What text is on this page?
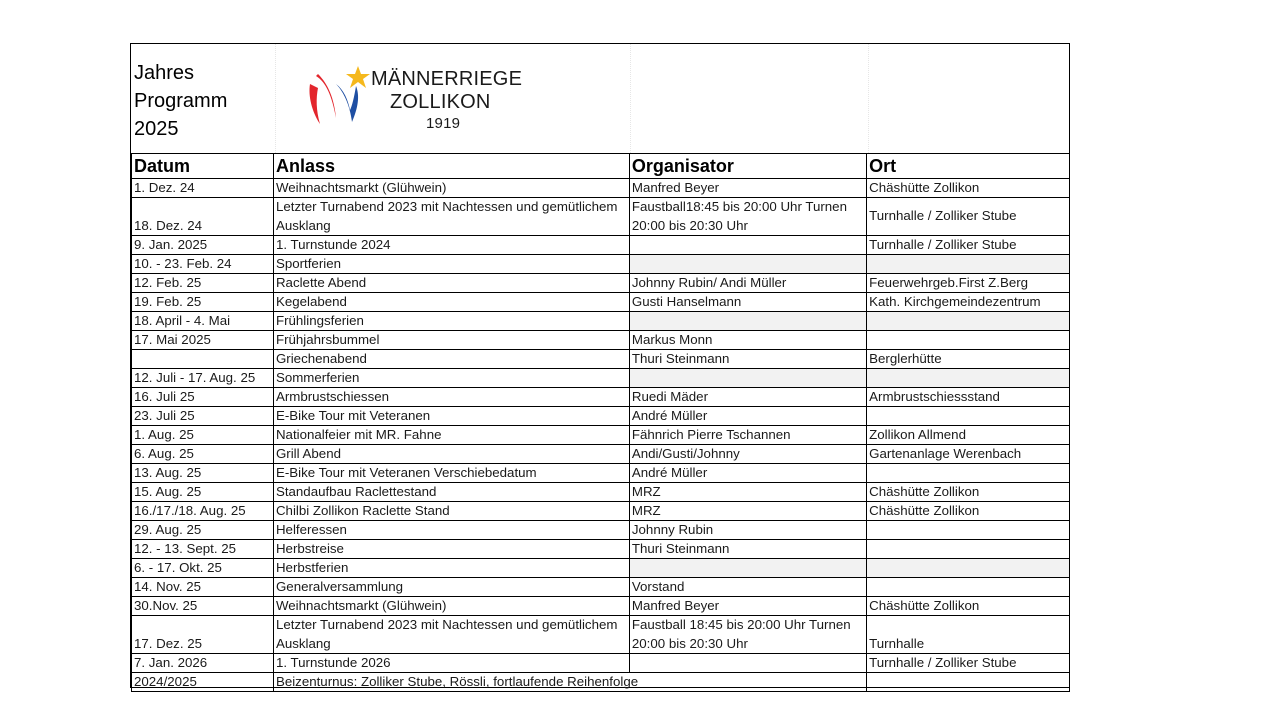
Jahres
Programm
2025
MÄNNERRIEGE
ZOLLIKON
1919
Datum	Anlass	Organisator	Ort
1. Dez. 24	Weihnachtsmarkt (Glühwein)	Manfred Beyer	Chäshütte Zollikon
18. Dez. 24	Letzter Turnabend 2023 mit Nachtessen und gemütlichem Ausklang	Faustball18:45 bis 20:00 Uhr Turnen 20:00 bis 20:30 Uhr	Turnhalle / Zolliker Stube
9. Jan. 2025	1. Turnstunde 2024		Turnhalle / Zolliker Stube
10. - 23. Feb. 24	Sportferien		
12. Feb. 25	Raclette Abend	Johnny Rubin/ Andi Müller	Feuerwehrgeb.First Z.Berg
19. Feb. 25	Kegelabend	Gusti Hanselmann	Kath. Kirchgemeindezentrum
18. April - 4. Mai	Frühlingsferien		
17. Mai 2025	Frühjahrsbummel	Markus Monn	
	Griechenabend	Thuri Steinmann	Berglerhütte
12. Juli - 17. Aug. 25	Sommerferien		
16. Juli 25	Armbrustschiessen	Ruedi Mäder	Armbrustschiessstand
23. Juli 25	E-Bike Tour mit Veteranen	André Müller	
1. Aug. 25	Nationalfeier mit MR. Fahne	Fähnrich Pierre Tschannen	Zollikon Allmend
6. Aug. 25	Grill Abend	Andi/Gusti/Johnny	Gartenanlage Werenbach
13. Aug. 25	E-Bike Tour mit Veteranen Verschiebedatum	André Müller	
15. Aug. 25	Standaufbau Raclettestand	MRZ	Chäshütte Zollikon
16./17./18. Aug. 25	Chilbi Zollikon Raclette Stand	MRZ	Chäshütte Zollikon
29. Aug. 25	Helferessen	Johnny Rubin	
12. - 13. Sept. 25	Herbstreise	Thuri Steinmann	
6. - 17. Okt. 25	Herbstferien		
14. Nov. 25	Generalversammlung	Vorstand	
30.Nov. 25	Weihnachtsmarkt (Glühwein)	Manfred Beyer	Chäshütte Zollikon
17. Dez. 25	Letzter Turnabend 2023 mit Nachtessen und gemütlichem Ausklang	Faustball 18:45 bis 20:00 Uhr Turnen 20:00 bis 20:30 Uhr	Turnhalle
7. Jan. 2026	1. Turnstunde 2026		Turnhalle / Zolliker Stube
2024/2025	Beizenturnus: Zolliker Stube, Rössli, fortlaufende Reihenfolge		
